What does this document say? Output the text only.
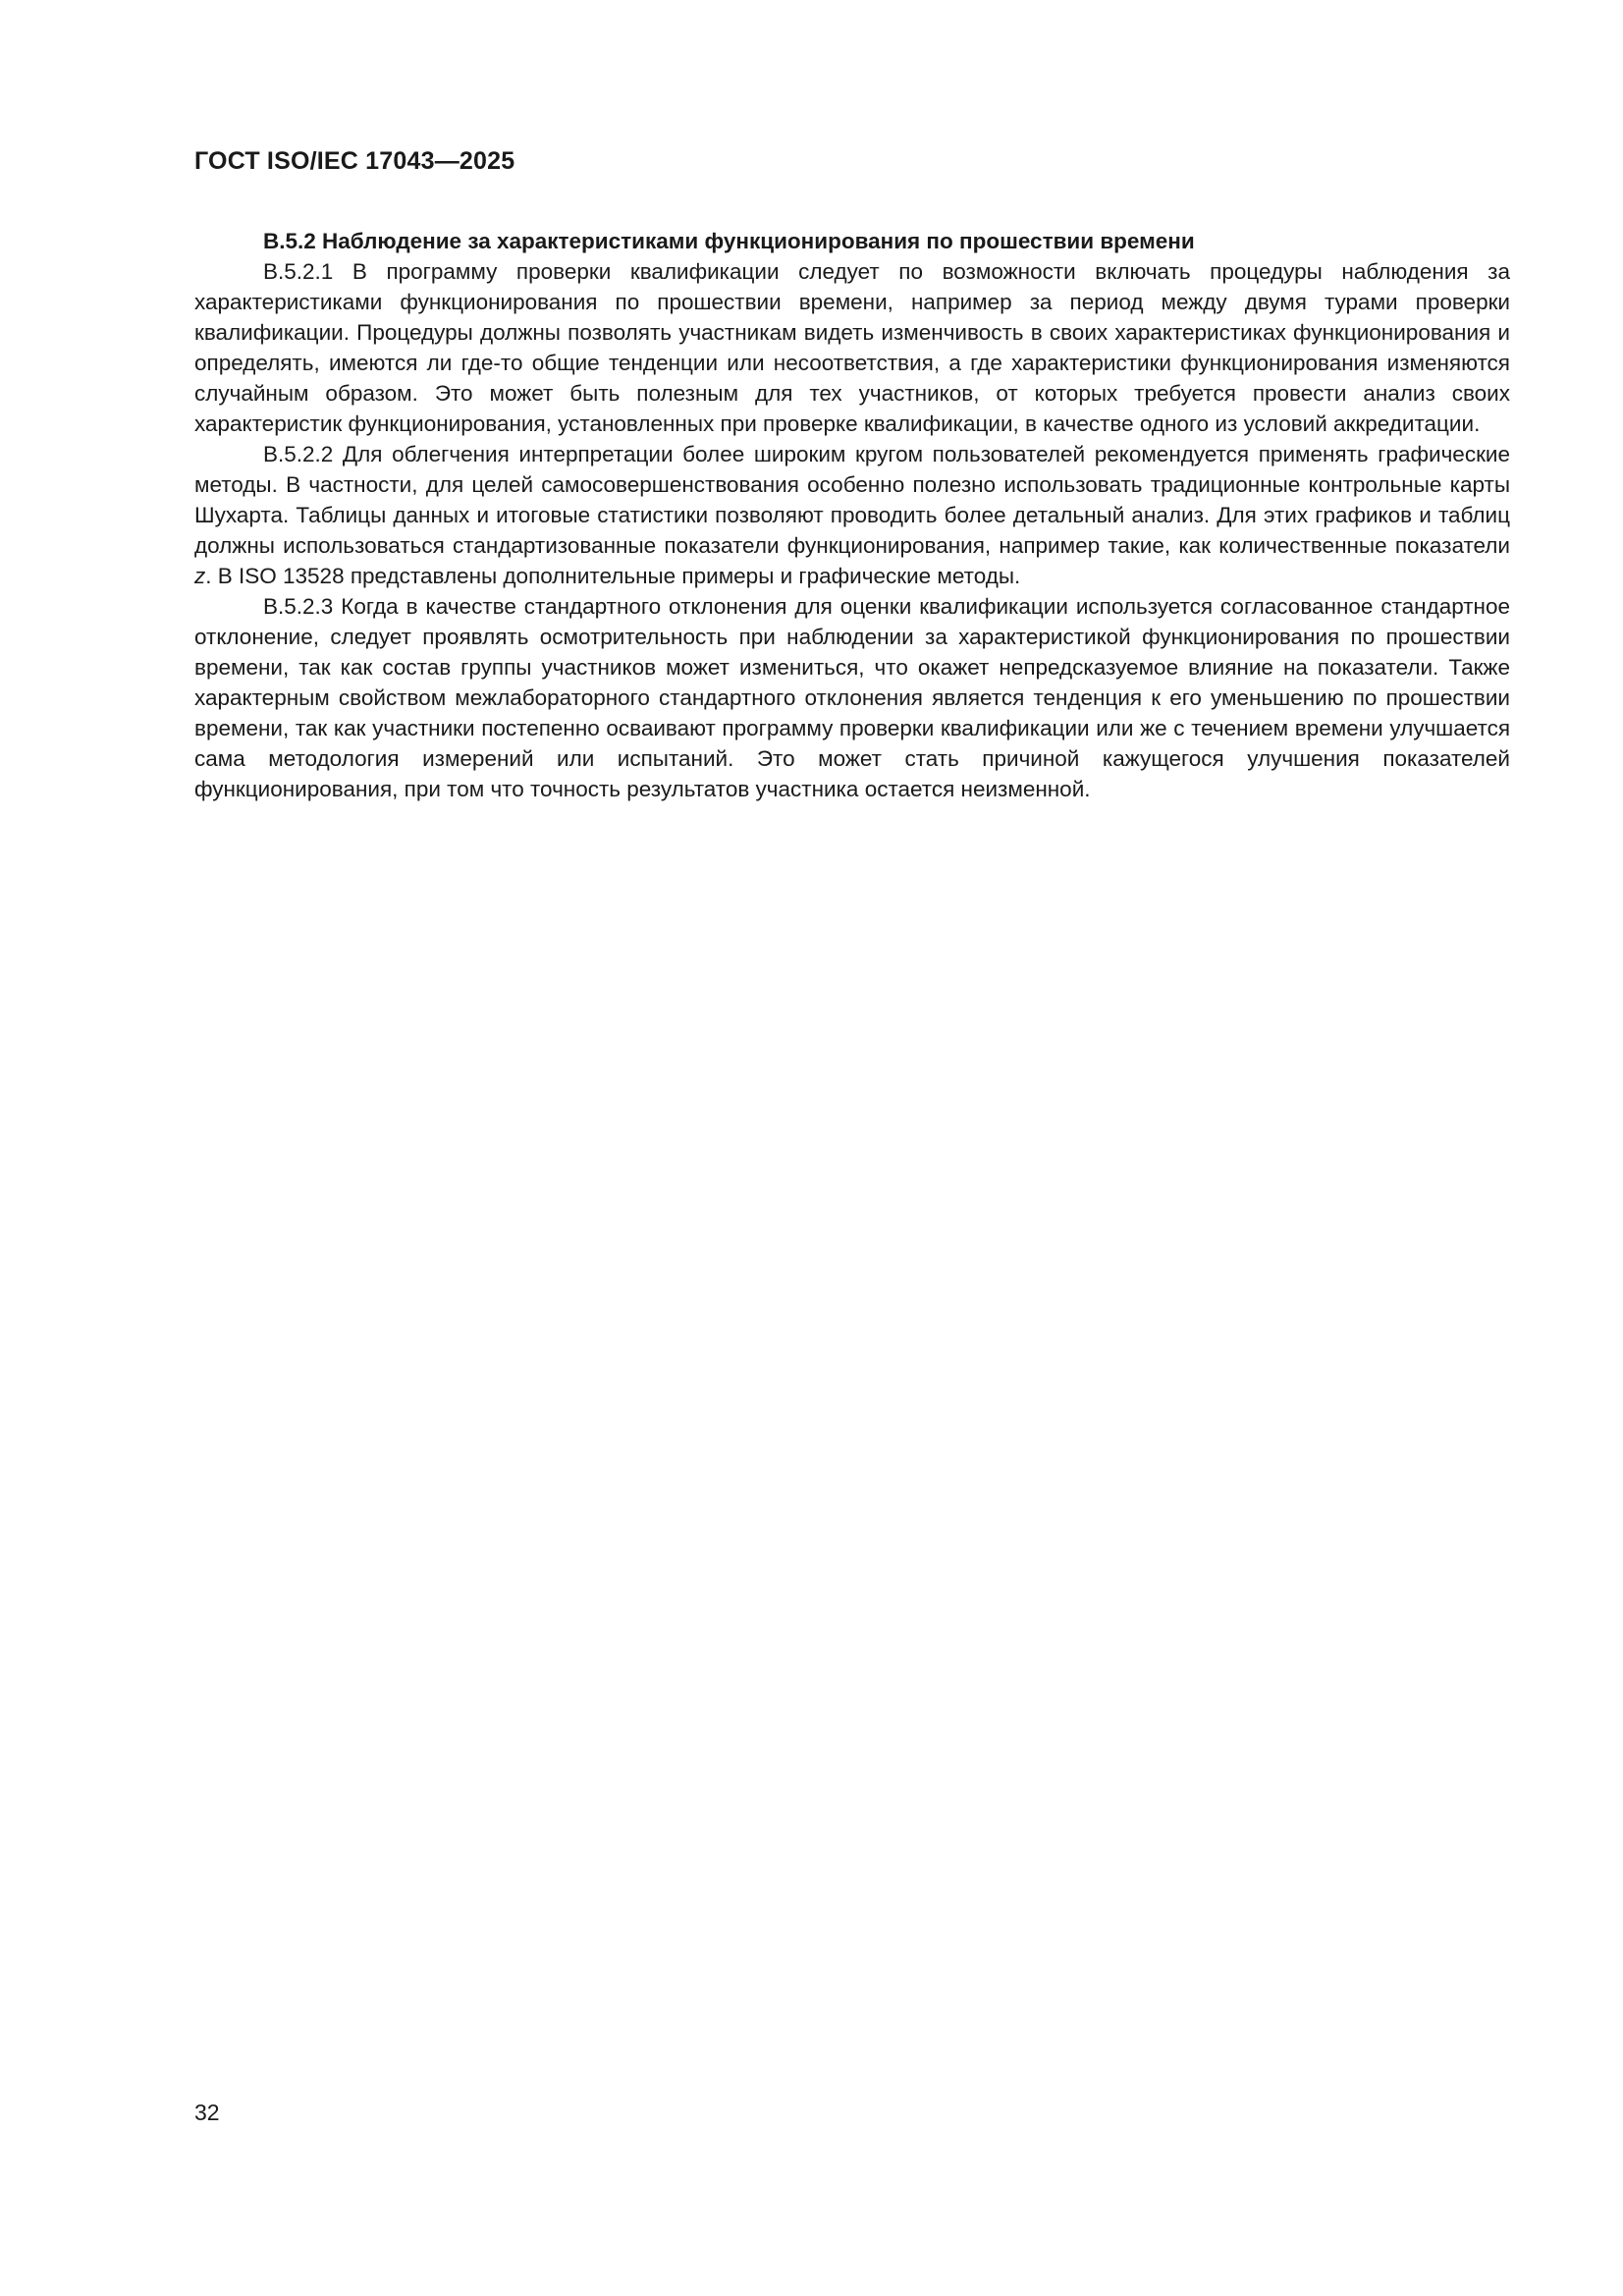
ГОСТ ISO/IEC 17043—2025

B.5.2 Наблюдение за характеристиками функционирования по прошествии времени

B.5.2.1 В программу проверки квалификации следует по возможности включать процедуры наблюдения за характеристиками функционирования по прошествии времени, например за период между двумя турами проверки квалификации. Процедуры должны позволять участникам видеть изменчивость в своих характеристиках функционирования и определять, имеются ли где-то общие тенденции или несоответствия, а где характеристики функционирования изменяются случайным образом. Это может быть полезным для тех участников, от которых требуется провести анализ своих характеристик функционирования, установленных при проверке квалификации, в качестве одного из условий аккредитации.

B.5.2.2 Для облегчения интерпретации более широким кругом пользователей рекомендуется применять графические методы. В частности, для целей самосовершенствования особенно полезно использовать традиционные контрольные карты Шухарта. Таблицы данных и итоговые статистики позволяют проводить более детальный анализ. Для этих графиков и таблиц должны использоваться стандартизованные показатели функционирования, например такие, как количественные показатели z. В ISO 13528 представлены дополнительные примеры и графические методы.

B.5.2.3 Когда в качестве стандартного отклонения для оценки квалификации используется согласованное стандартное отклонение, следует проявлять осмотрительность при наблюдении за характеристикой функционирования по прошествии времени, так как состав группы участников может измениться, что окажет непредсказуемое влияние на показатели. Также характерным свойством межлабораторного стандартного отклонения является тенденция к его уменьшению по прошествии времени, так как участники постепенно осваивают программу проверки квалификации или же с течением времени улучшается сама методология измерений или испытаний. Это может стать причиной кажущегося улучшения показателей функционирования, при том что точность результатов участника остается неизменной.

32
